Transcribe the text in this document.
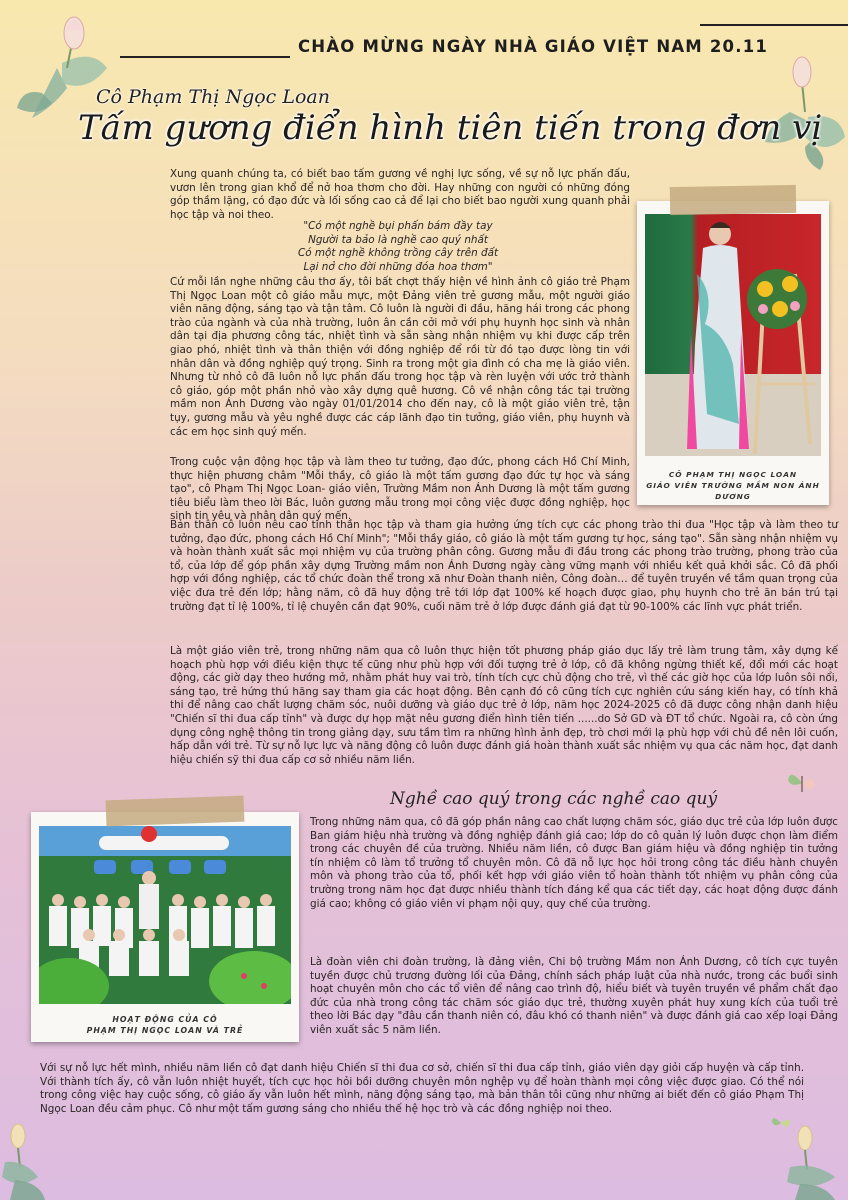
CHÀO MỪNG NGÀY NHÀ GIÁO VIỆT NAM 20.11
Cô Phạm Thị Ngọc Loan
Tấm gương điển hình tiên tiến trong đơn vị
Xung quanh chúng ta, có biết bao tấm gương về nghị lực sống, về sự nỗ lực phấn đấu, vươn lên trong gian khổ để nở hoa thơm cho đời. Hay những con người có những đóng góp thầm lặng, có đạo đức và lối sống cao cả để lại cho biết bao người xung quanh phải học tập và noi theo.
"Có một nghề bụi phấn bám đầy tay
Người ta bảo là nghề cao quý nhất
Có một nghề không trồng cây trên đất
Lại nở cho đời những đóa hoa thơm"
Cứ mỗi lần nghe những câu thơ ấy, tôi bất chợt thấy hiện về hình ảnh cô giáo trẻ Phạm Thị Ngọc Loan một cô giáo mẫu mực, một Đảng viên trẻ gương mẫu, một người giáo viên năng động, sáng tạo và tận tâm. Cô luôn là người đi đầu, hăng hái trong các phong trào của ngành và của nhà trường, luôn ân cần cởi mở với phụ huynh học sinh và nhân dân tại địa phương công tác, nhiệt tình và sẵn sàng nhận nhiệm vụ khi được cấp trên giao phó, nhiệt tình và thân thiện với đồng nghiệp để rồi từ đó tạo được lòng tin với nhân dân và đồng nghiệp quý trọng. Sinh ra trong một gia đình có cha mẹ là giáo viên. Nhưng từ nhỏ cô đã luôn nỗ lực phấn đấu trong học tập và rèn luyện với ước trở thành cô giáo, góp một phần nhỏ vào xây dựng quê hương. Cô về nhận công tác tại trường mầm non Ánh Dương vào ngày 01/01/2014 cho đến nay, cô là một giáo viên trẻ, tận tụy, gương mẫu và yêu nghề được các cáp lãnh đạo tin tưởng, giáo viên, phụ huynh và các em học sinh quý mến.
Trong cuộc vận động học tập và làm theo tư tưởng, đạo đức, phong cách Hồ Chí Minh, thực hiện phương châm "Mỗi thầy, cô giáo là một tấm gương đạo đức tự học và sáng tạo", cô Phạm Thị Ngọc Loan- giáo viên, Trường Mầm non Ánh Dương là một tấm gương tiêu biểu làm theo lời Bác, luôn gương mẫu trong mọi công việc được đồng nghiệp, học sinh tin yêu và nhân dân quý mến.
Bản thân cô luôn nêu cao tinh thần học tập và tham gia hưởng ứng tích cực các phong trào thi đua "Học tập và làm theo tư tưởng, đạo đức, phong cách Hồ Chí Minh"; "Mỗi thầy giáo, cô giáo là một tấm gương tự học, sáng tạo". Sẵn sàng nhận nhiệm vụ và hoàn thành xuất sắc mọi nhiệm vụ của trường phân công. Gương mẫu đi đầu trong các phong trào trường, phong trào của tổ, của lớp để góp phần xây dựng Trường mầm non Ánh Dương ngày càng vững mạnh với nhiều kết quả khởi sắc. Cô đã phối hợp với đồng nghiệp, các tổ chức đoàn thể trong xã như Đoàn thanh niên, Công đoàn… để tuyên truyền về tầm quan trọng của việc đưa trẻ đến lớp; hằng năm, cô đã huy động trẻ tới lớp đạt 100% kế hoạch được giao, phụ huynh cho trẻ ăn bán trú tại trường đạt tỉ lệ 100%, tỉ lệ chuyên cần đạt 90%, cuối năm trẻ ở lớp được đánh giá đạt từ 90-100% các lĩnh vực phát triển.
Là một giáo viên trẻ, trong những năm qua cô luôn thực hiện tốt phương pháp giáo dục lấy trẻ làm trung tâm, xây dựng kế hoạch phù hợp với điều kiện thực tế cũng như phù hợp với đối tượng trẻ ở lớp, cô đã không ngừng thiết kế, đổi mới các hoạt động, các giờ dạy theo hướng mở, nhằm phát huy vai trò, tính tích cực chủ động cho trẻ, vì thế các giờ học của lớp luôn sôi nổi, sáng tạo, trẻ hứng thú hăng say tham gia các hoạt động. Bên cạnh đó cô cũng tích cực nghiên cứu sáng kiến hay, có tính khả thi để nâng cao chất lượng chăm sóc, nuôi dưỡng và giáo dục trẻ ở lớp, năm học 2024-2025 cô đã được công nhận danh hiệu "Chiến sĩ thi đua cấp tỉnh" và được dự họp mặt nêu gương điển hình tiên tiến ......do Sở GD và ĐT tổ chức. Ngoài ra, cô còn ứng dụng công nghệ thông tin trong giảng dạy, sưu tầm tìm ra những hình ảnh đẹp, trò chơi mới lạ phù hợp với chủ đề nên lôi cuốn, hấp dẫn với trẻ. Từ sự nỗ lực lực và năng động cô luôn được đánh giá hoàn thành xuất sắc nhiệm vụ qua các năm học, đạt danh hiệu chiến sỹ thi đua cấp cơ sở nhiều năm liền.
CÔ PHẠM THỊ NGỌC LOAN
GIÁO VIÊN TRƯỜNG MẦM NON ÁNH DƯƠNG
Nghề cao quý trong các nghề cao quý
HOẠT ĐỘNG CỦA CÔ
PHẠM THỊ NGỌC LOAN VÀ TRẺ
Trong những năm qua, cô đã góp phần nâng cao chất lượng chăm sóc, giáo dục trẻ của lớp luôn được Ban giám hiệu nhà trường và đồng nghiệp đánh giá cao; lớp do cô quản lý luôn được chọn làm điểm trong các chuyên đề của trường. Nhiều năm liền, cô được Ban giám hiệu và đồng nghiệp tin tưởng tín nhiệm cô làm tổ trưởng tổ chuyên môn. Cô đã nỗ lực học hỏi trong công tác điều hành chuyên môn và phong trào của tổ, phối kết hợp với giáo viên tổ hoàn thành tốt nhiệm vụ phân công của trường trong năm học đạt được nhiều thành tích đáng kể qua các tiết dạy, các hoạt động được đánh giá cao; không có giáo viên vi phạm nội quy, quy chế của trường.
Là đoàn viên chi đoàn trường, là đảng viên, Chi bộ trường Mầm non Ánh Dương, cô tích cực tuyên tuyền được chủ trương đường lối của Đảng, chính sách pháp luật của nhà nước, trong các buổi sinh hoạt chuyên môn cho các tổ viên để nâng cao trình độ, hiểu biết và tuyên truyền về phẩm chất đạo đức của nhà trong công tác chăm sóc giáo dục trẻ, thường xuyên phát huy xung kích của tuổi trẻ theo lời Bác dạy "đâu cần thanh niên có, đâu khó có thanh niên" và được đánh giá cao xếp loại Đảng viên xuất sắc 5 năm liền.
Với sự nỗ lực hết mình, nhiều năm liền cô đạt danh hiệu Chiến sĩ thi đua cơ sở, chiến sĩ thi đua cấp tỉnh, giáo viên dạy giỏi cấp huyện và cấp tỉnh. Với thành tích ấy, cô vẫn luôn nhiệt huyết, tích cực học hỏi bồi dưỡng chuyên môn nghệp vụ để hoàn thành mọi công việc được giao. Có thể nói trong công việc hay cuộc sống, cô giáo ấy vẫn luôn hết mình, năng động sáng tạo, mà bản thân tôi cũng như những ai biết đến cô giáo Phạm Thị Ngọc Loan đều cảm phục. Cô như một tấm gương sáng cho nhiều thế hệ học trò và các đồng nghiệp noi theo.
